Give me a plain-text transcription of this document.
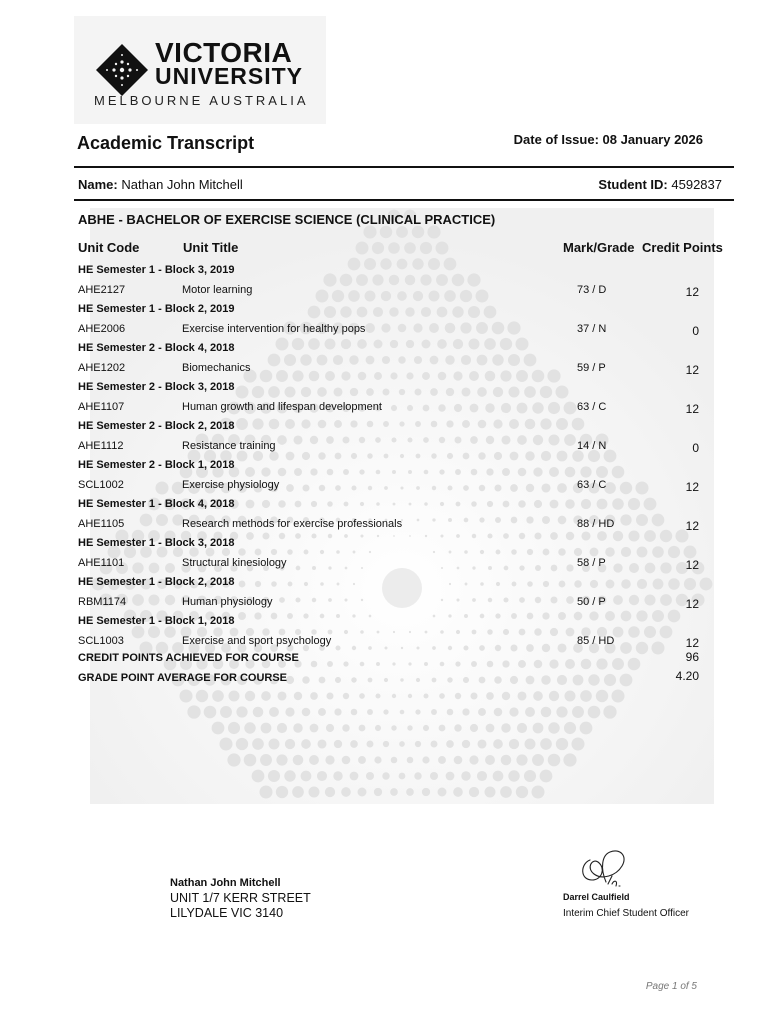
VICTORIA
UNIVERSITY
MELBOURNE AUSTRALIA
Academic Transcript	Date of Issue: 08 January 2026
Name: Nathan John Mitchell	Student ID: 4592837
ABHE - BACHELOR OF EXERCISE SCIENCE (CLINICAL PRACTICE)
Unit Code	Unit Title	Mark/Grade Credit Points
HE Semester 1 - Block 3, 2019
AHE2127	Motor learning	73 / D	12
HE Semester 1 - Block 2, 2019
AHE2006	Exercise intervention for healthy pops	37 / N	0
HE Semester 2 - Block 4, 2018
AHE1202	Biomechanics	59 / P	12
HE Semester 2 - Block 3, 2018
AHE1107	Human growth and lifespan development	63 / C	12
HE Semester 2 - Block 2, 2018
AHE1112	Resistance training	14 / N	0
HE Semester 2 - Block 1, 2018
SCL1002	Exercise physiology	63 / C	12
HE Semester 1 - Block 4, 2018
AHE1105	Research methods for exercise professionals	88 / HD	12
HE Semester 1 - Block 3, 2018
AHE1101	Structural kinesiology	58 / P	12
HE Semester 1 - Block 2, 2018
RBM1174	Human physiology	50 / P	12
HE Semester 1 - Block 1, 2018
SCL1003	Exercise and sport psychology	85 / HD	12
CREDIT POINTS ACHIEVED FOR COURSE	96
GRADE POINT AVERAGE FOR COURSE	4.20
Nathan John Mitchell
UNIT 1/7 KERR STREET
LILYDALE VIC 3140
Darrel Caulfield
Interim Chief Student Officer
Page 1 of 5
